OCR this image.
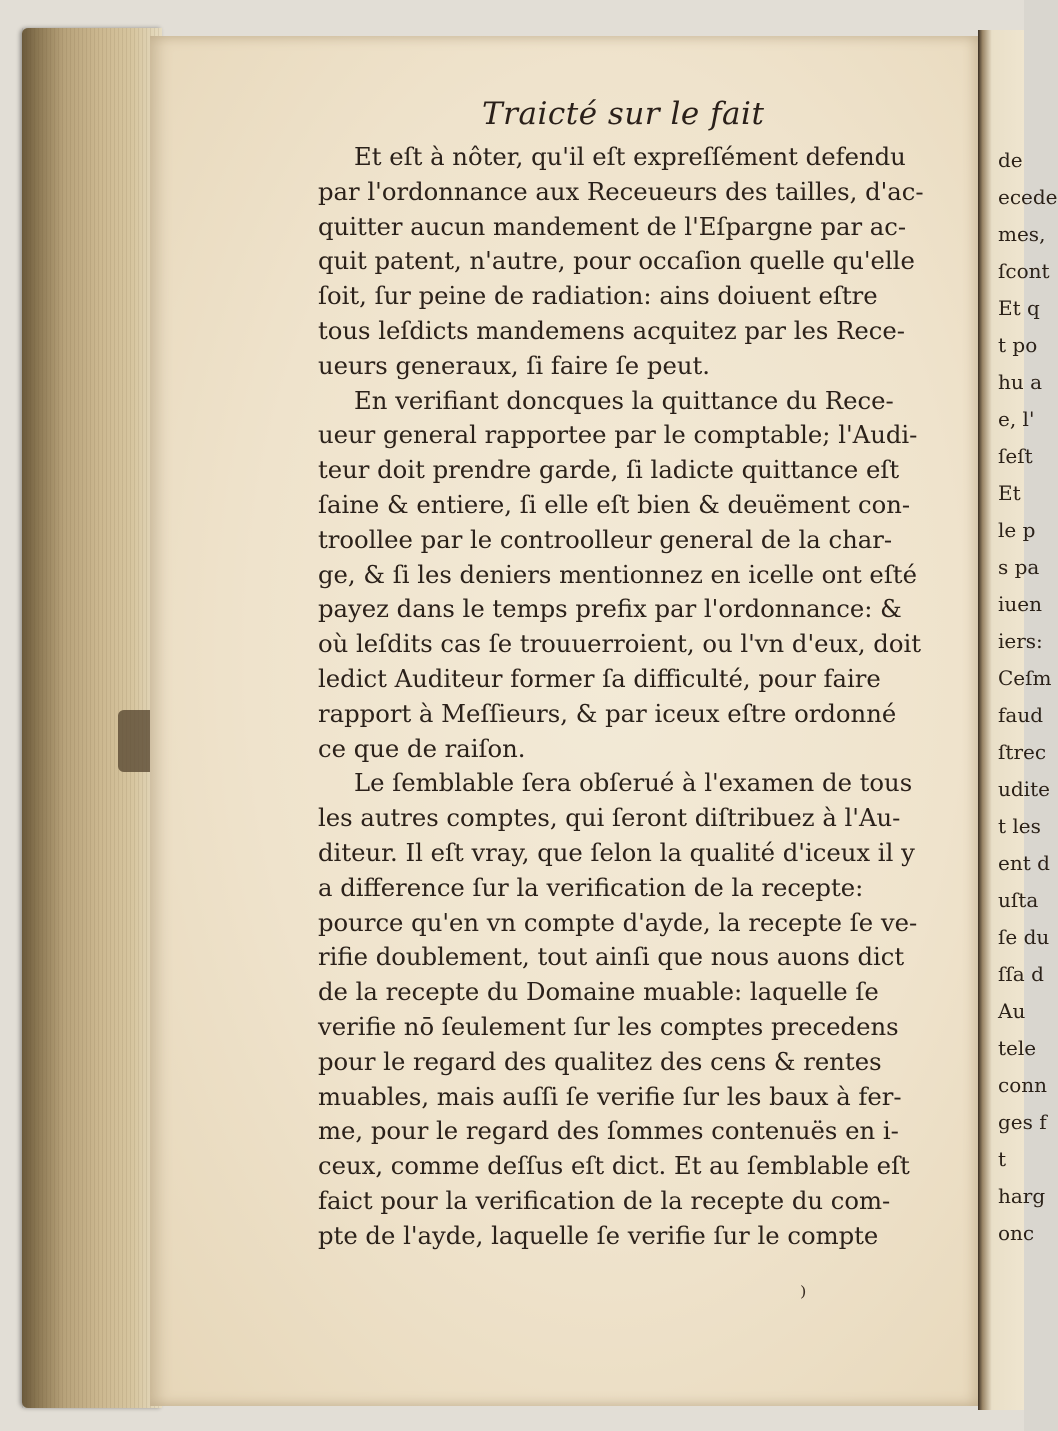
de
ecede
mes,
ſcont
Et q
t po
hu a
e, l'
ſeſt
Et
le p
s pa
iuen
iers:
Ceſm
faud
ſtrec
udite
t les
ent d
uſta
ſe du
ſſa d
Au
tele
conn
ges f
t
harg
onc
Traicté sur le fait
Et eſt à nôter, qu'il eſt expreſſément defendu
par l'ordonnance aux Receueurs des tailles, d'ac-
quitter aucun mandement de l'Eſpargne par ac-
quit patent, n'autre, pour occaſion quelle qu'elle
ſoit, ſur peine de radiation: ains doiuent eſtre
tous leſdicts mandemens acquitez par les Rece-
ueurs generaux, ſi faire ſe peut.
En verifiant doncques la quittance du Rece-
ueur general rapportee par le comptable; l'Audi-
teur doit prendre garde, ſi ladicte quittance eſt
ſaine & entiere, ſi elle eſt bien & deuëment con-
troollee par le controolleur general de la char-
ge, & ſi les deniers mentionnez en icelle ont eſté
payez dans le temps prefix par l'ordonnance: &
où leſdits cas ſe trouuerroient, ou l'vn d'eux, doit
ledict Auditeur former ſa difficulté, pour faire
rapport à Meſſieurs, & par iceux eſtre ordonné
ce que de raiſon.
Le ſemblable ſera obſerué à l'examen de tous
les autres comptes, qui ſeront diſtribuez à l'Au-
diteur. Il eſt vray, que ſelon la qualité d'iceux il y
a difference ſur la verification de la recepte:
pource qu'en vn compte d'ayde, la recepte ſe ve-
rifie doublement, tout ainſi que nous auons dict
de la recepte du Domaine muable: laquelle ſe
verifie nō ſeulement ſur les comptes precedens
pour le regard des qualitez des cens & rentes
muables, mais auſſi ſe verifie ſur les baux à fer-
me, pour le regard des ſommes contenuës en i-
ceux, comme deſſus eſt dict. Et au ſemblable eſt
faict pour la verification de la recepte du com-
pte de l'ayde, laquelle ſe verifie ſur le compte
⁾
